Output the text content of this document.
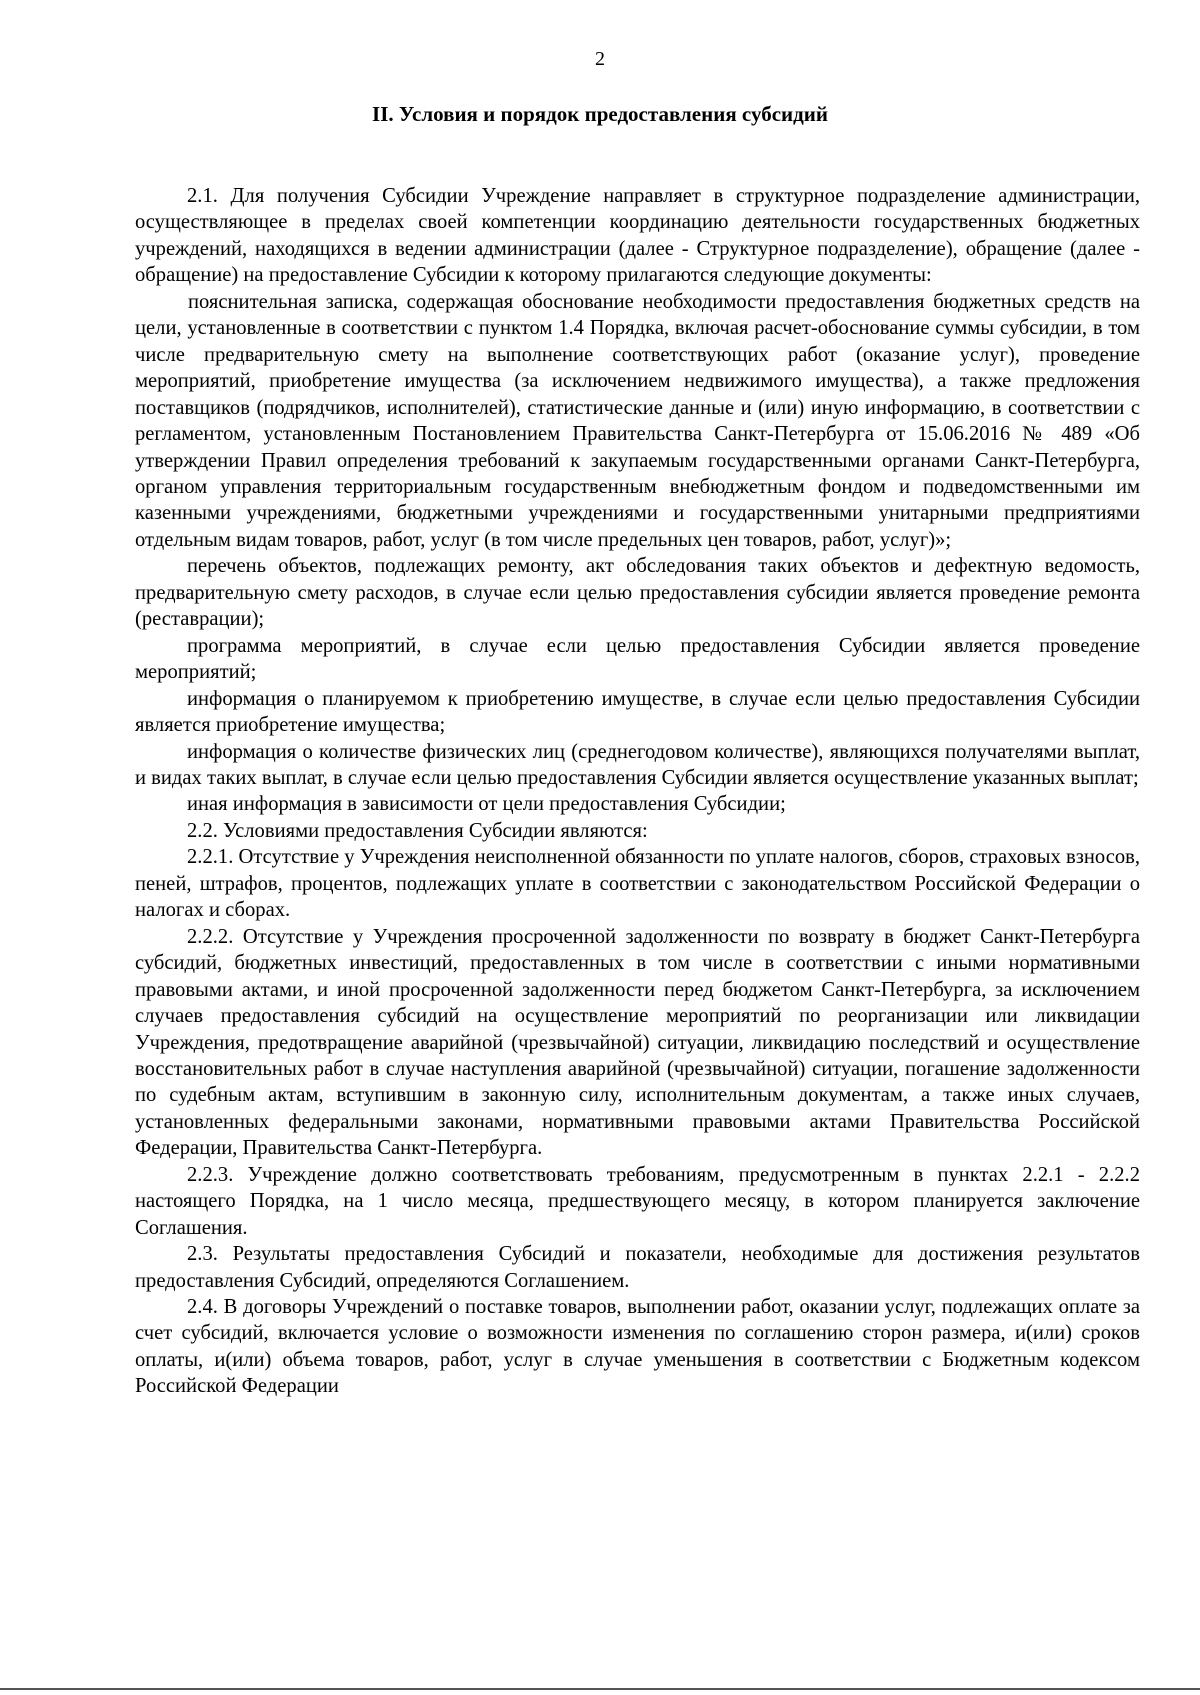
2
II. Условия и порядок предоставления субсидий

2.1. Для получения Субсидии Учреждение направляет в структурное подразделение администрации, осуществляющее в пределах своей компетенции координацию деятельности государственных бюджетных учреждений, находящихся в ведении администрации (далее - Структурное подразделение), обращение (далее - обращение) на предоставление Субсидии к которому прилагаются следующие документы:

пояснительная записка, содержащая обоснование необходимости предоставления бюджетных средств на цели, установленные в соответствии с пунктом 1.4 Порядка, включая расчет-обоснование суммы субсидии, в том числе предварительную смету на выполнение соответствующих работ (оказание услуг), проведение мероприятий, приобретение имущества (за исключением недвижимого имущества), а также предложения поставщиков (подрядчиков, исполнителей), статистические данные и (или) иную информацию, в соответствии с регламентом, установленным Постановлением Правительства Санкт-Петербурга от 15.06.2016 № 489 «Об утверждении Правил определения требований к закупаемым государственными органами Санкт-Петербурга, органом управления территориальным государственным внебюджетным фондом и подведомственными им казенными учреждениями, бюджетными учреждениями и государственными унитарными предприятиями отдельным видам товаров, работ, услуг (в том числе предельных цен товаров, работ, услуг)»;

перечень объектов, подлежащих ремонту, акт обследования таких объектов и дефектную ведомость, предварительную смету расходов, в случае если целью предоставления субсидии является проведение ремонта (реставрации);

программа мероприятий, в случае если целью предоставления Субсидии является проведение мероприятий;

информация о планируемом к приобретению имуществе, в случае если целью предоставления Субсидии является приобретение имущества;

информация о количестве физических лиц (среднегодовом количестве), являющихся получателями выплат, и видах таких выплат, в случае если целью предоставления Субсидии является осуществление указанных выплат;

иная информация в зависимости от цели предоставления Субсидии;

2.2. Условиями предоставления Субсидии являются:

2.2.1. Отсутствие у Учреждения неисполненной обязанности по уплате налогов, сборов, страховых взносов, пеней, штрафов, процентов, подлежащих уплате в соответствии с законодательством Российской Федерации о налогах и сборах.

2.2.2. Отсутствие у Учреждения просроченной задолженности по возврату в бюджет Санкт-Петербурга субсидий, бюджетных инвестиций, предоставленных в том числе в соответствии с иными нормативными правовыми актами, и иной просроченной задолженности перед бюджетом Санкт-Петербурга, за исключением случаев предоставления субсидий на осуществление мероприятий по реорганизации или ликвидации Учреждения, предотвращение аварийной (чрезвычайной) ситуации, ликвидацию последствий и осуществление восстановительных работ в случае наступления аварийной (чрезвычайной) ситуации, погашение задолженности по судебным актам, вступившим в законную силу, исполнительным документам, а также иных случаев, установленных федеральными законами, нормативными правовыми актами Правительства Российской Федерации, Правительства Санкт-Петербурга.

2.2.3. Учреждение должно соответствовать требованиям, предусмотренным в пунктах 2.2.1 - 2.2.2 настоящего Порядка, на 1 число месяца, предшествующего месяцу, в котором планируется заключение Соглашения.

2.3. Результаты предоставления Субсидий и показатели, необходимые для достижения результатов предоставления Субсидий, определяются Соглашением.

2.4. В договоры Учреждений о поставке товаров, выполнении работ, оказании услуг, подлежащих оплате за счет субсидий, включается условие о возможности изменения по соглашению сторон размера, и(или) сроков оплаты, и(или) объема товаров, работ, услуг в случае уменьшения в соответствии с Бюджетным кодексом Российской Федерации
